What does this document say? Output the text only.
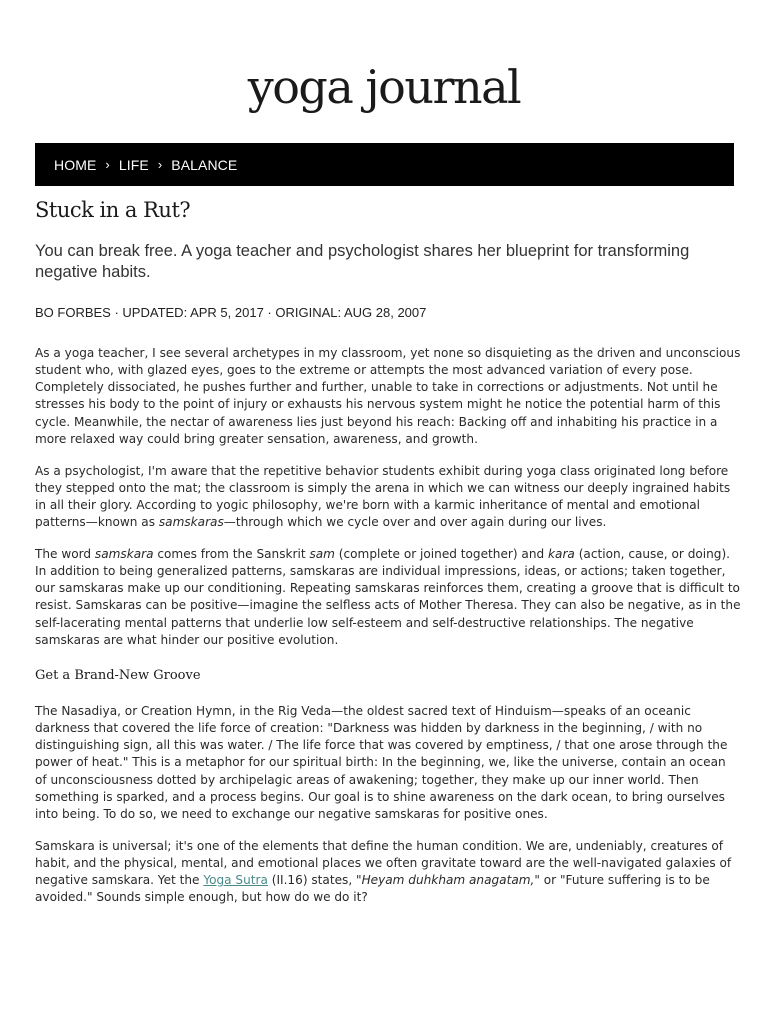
yoga journal
HOME › LIFE › BALANCE
Stuck in a Rut?

You can break free. A yoga teacher and psychologist shares her blueprint for transforming negative habits.

BO FORBES · UPDATED: APR 5, 2017 · ORIGINAL: AUG 28, 2007

As a yoga teacher, I see several archetypes in my classroom, yet none so disquieting as the driven and unconscious student who, with glazed eyes, goes to the extreme or attempts the most advanced variation of every pose. Completely dissociated, he pushes further and further, unable to take in corrections or adjustments. Not until he stresses his body to the point of injury or exhausts his nervous system might he notice the potential harm of this cycle. Meanwhile, the nectar of awareness lies just beyond his reach: Backing off and inhabiting his practice in a more relaxed way could bring greater sensation, awareness, and growth.

As a psychologist, I'm aware that the repetitive behavior students exhibit during yoga class originated long before they stepped onto the mat; the classroom is simply the arena in which we can witness our deeply ingrained habits in all their glory. According to yogic philosophy, we're born with a karmic inheritance of mental and emotional patterns—known as samskaras—through which we cycle over and over again during our lives.

The word samskara comes from the Sanskrit sam (complete or joined together) and kara (action, cause, or doing). In addition to being generalized patterns, samskaras are individual impressions, ideas, or actions; taken together, our samskaras make up our conditioning. Repeating samskaras reinforces them, creating a groove that is difficult to resist. Samskaras can be positive—imagine the selfless acts of Mother Theresa. They can also be negative, as in the self-lacerating mental patterns that underlie low self-esteem and self-destructive relationships. The negative samskaras are what hinder our positive evolution.

Get a Brand-New Groove

The Nasadiya, or Creation Hymn, in the Rig Veda—the oldest sacred text of Hinduism—speaks of an oceanic darkness that covered the life force of creation: "Darkness was hidden by darkness in the beginning, / with no distinguishing sign, all this was water. / The life force that was covered by emptiness, / that one arose through the power of heat." This is a metaphor for our spiritual birth: In the beginning, we, like the universe, contain an ocean of unconsciousness dotted by archipelagic areas of awakening; together, they make up our inner world. Then something is sparked, and a process begins. Our goal is to shine awareness on the dark ocean, to bring ourselves into being. To do so, we need to exchange our negative samskaras for positive ones.

Samskara is universal; it's one of the elements that define the human condition. We are, undeniably, creatures of habit, and the physical, mental, and emotional places we often gravitate toward are the well-navigated galaxies of negative samskara. Yet the Yoga Sutra (II.16) states, "Heyam duhkham anagatam," or "Future suffering is to be avoided." Sounds simple enough, but how do we do it?
